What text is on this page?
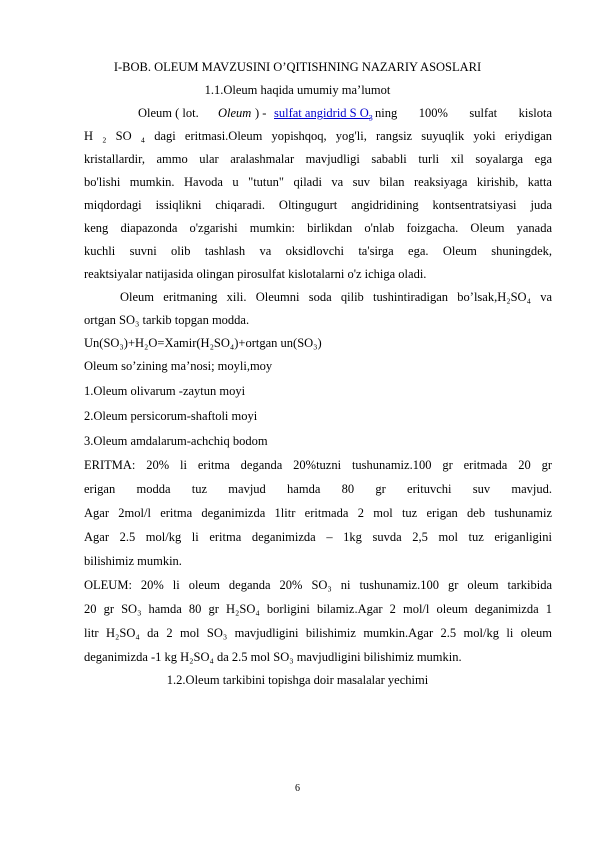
I-BOB. OLEUM MAVZUSINI O’QITISHNING NAZARIY ASOSLARI
1.1.Oleum haqida umumiy ma’lumot
Oleum ( lot. Oleum ) - sulfat angidrid S $O_3$ ning 100% sulfat kislota
H ₂ SO ₄ dagi eritmasi.Oleum yopishqoq, yog'li, rangsiz suyuqlik yoki eriydigan
kristallardir, ammo ular aralashmalar mavjudligi sababli turli xil soyalarga ega
bo'lishi mumkin. Havoda u "tutun" qiladi va suv bilan reaksiyaga kirishib, katta
miqdordagi issiqlikni chiqaradi. Oltingugurt angidridining kontsentratsiyasi juda
keng diapazonda o'zgarishi mumkin: birlikdan o'nlab foizgacha. Oleum yanada
kuchli suvni olib tashlash va oksidlovchi ta'sirga ega. Oleum shuningdek,
reaktsiyalar natijasida olingan pirosulfat kislotalarni o'z ichiga oladi.
Oleum eritmaning xili. Oleumni soda qilib tushintiradigan bo’lsak,H₂SO₄ va
ortgan SO₃ tarkib topgan modda.
Un(SO₃)+H₂O=Xamir(H₂SO₄)+ortgan un(SO₃)
Oleum so’zining ma’nosi; moyli,moy
1.Oleum olivarum -zaytun moyi
2.Oleum persicorum-shaftoli moyi
3.Oleum amdalarum-achchiq bodom
ERITMA: 20% li eritma deganda 20%tuzni tushunamiz.100 gr eritmada 20 gr
erigan modda tuz mavjud hamda 80 gr erituvchi suv mavjud.
Agar 2mol/l eritma deganimizda 1litr eritmada 2 mol tuz erigan deb tushunamiz
Agar 2.5 mol/kg li eritma deganimizda – 1kg suvda 2,5 mol tuz eriganligini
bilishimiz mumkin.
OLEUM: 20% li oleum deganda 20% SO₃ ni tushunamiz.100 gr oleum tarkibida
20 gr SO₃ hamda 80 gr H₂SO₄ borligini bilamiz.Agar 2 mol/l oleum deganimizda 1
litr H₂SO₄ da 2 mol SO₃ mavjudligini bilishimiz mumkin.Agar 2.5 mol/kg li oleum
deganimizda -1 kg H₂SO₄ da 2.5 mol SO₃ mavjudligini bilishimiz mumkin.
1.2.Oleum tarkibini topishga doir masalalar yechimi
6
